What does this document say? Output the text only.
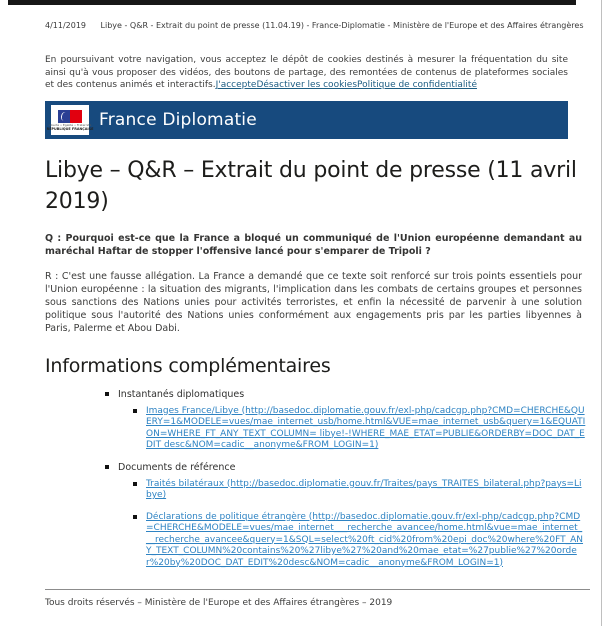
4/11/2019	Libye - Q&R - Extrait du point de presse (11.04.19) - France-Diplomatie - Ministère de l'Europe et des Affaires étrangères

En poursuivant votre navigation, vous acceptez le dépôt de cookies destinés à mesurer la fréquentation du site ainsi qu'à vous proposer des vidéos, des boutons de partage, des remontées de contenus de plateformes sociales et des contenus animés et interactifs.J'accepteDésactiver les cookiesPolitique de confidentialité

Liberté • Égalité • Fraternité
RÉPUBLIQUE FRANÇAISE France Diplomatie
Libye – Q&R – Extrait du point de presse (11 avril 2019)

Q : Pourquoi est-ce que la France a bloqué un communiqué de l'Union européenne demandant au maréchal Haftar de stopper l'offensive lancé pour s'emparer de Tripoli ?

R : C'est une fausse allégation. La France a demandé que ce texte soit renforcé sur trois points essentiels pour l'Union européenne : la situation des migrants, l'implication dans les combats de certains groupes et personnes sous sanctions des Nations unies pour activités terroristes, et enfin la nécessité de parvenir à une solution politique sous l'autorité des Nations unies conformément aux engagements pris par les parties libyennes à Paris, Palerme et Abou Dabi.

Informations complémentaires
Instantanés diplomatiques
Images France/Libye (http://basedoc.diplomatie.gouv.fr/exl-php/cadcgp.php?CMD=CHERCHE&QUERY=1&MODELE=vues/mae_internet_usb/home.html&VUE=mae_internet_usb&query=1&EQUATION=WHERE_FT_ANY_TEXT_COLUMN= libye!-!WHERE_MAE_ETAT=PUBLIE&ORDERBY=DOC_DAT_EDIT desc&NOM=cadic__anonyme&FROM_LOGIN=1)
Documents de référence
Traités bilatéraux (http://basedoc.diplomatie.gouv.fr/Traites/pays_TRAITES_bilateral.php?pays=Libye)
Déclarations de politique étrangère (http://basedoc.diplomatie.gouv.fr/exl-php/cadcgp.php?CMD=CHERCHE&MODELE=vues/mae_internet___recherche_avancee/home.html&vue=mae_internet___recherche_avancee&query=1&SQL=select%20ft_cid%20from%20epi_doc%20where%20FT_ANY_TEXT_COLUMN%20contains%20%27libye%27%20and%20mae_etat=%27publie%27%20order%20by%20DOC_DAT_EDIT%20desc&NOM=cadic__anonyme&FROM_LOGIN=1)

Tous droits réservés – Ministère de l'Europe et des Affaires étrangères – 2019
